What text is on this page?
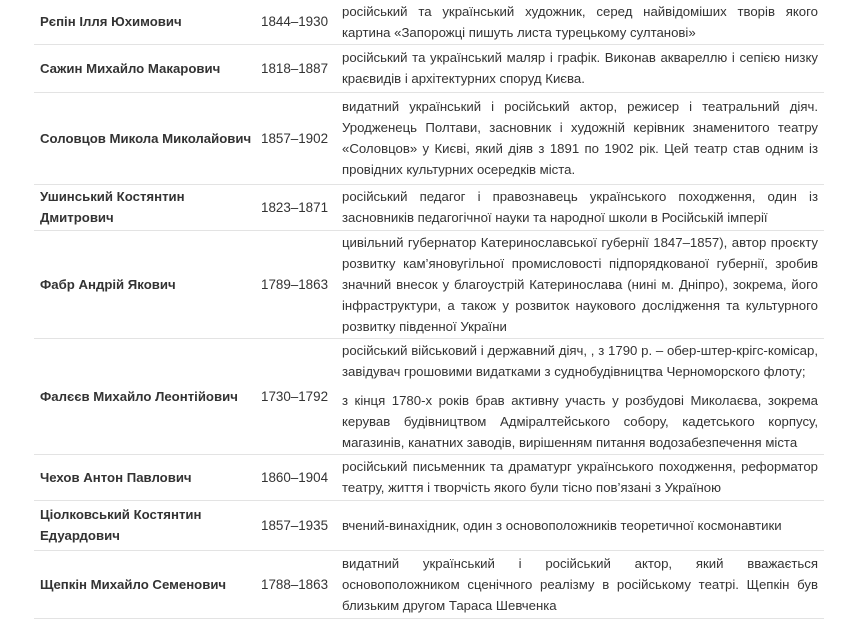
Рєпін Ілля Юхимович	1844–1930	російський та український художник, серед найвідоміших творів якого картина «Запорожці пишуть листа турецькому султанові»

Сажин Михайло Макарович	1818–1887	російський та український маляр і графік. Виконав аквареллю і сепією низку краєвидів і архітектурних споруд Києва.

Соловцов Микола Миколайович	1857–1902	видатний український і російський актор, режисер і театральний діяч. Уродженець Полтави, засновник і художній керівник знаменитого театру «Соловцов» у Києві, який діяв з 1891 по 1902 рік. Цей театр став одним із провідних культурних осередків міста.

Ушинський Костянтин Дмитрович	1823–1871	російський педагог і правознавець українського походження, один із засновників педагогічної науки та народної школи в Російській імперії

Фабр Андрій Якович	1789–1863	цивільний губернатор Катеринославської губернії 1847–1857), автор проєкту розвитку кам’яновугільної промисловості підпорядкованої губернії, зробив значний внесок у благоустрій Катеринослава (нині м. Дніпро), зокрема, його інфраструктури, а також у розвиток наукового дослідження та культурного розвитку південної України

Фалєєв Михайло Леонтійович	1730–1792	російський військовий і державний діяч, , з 1790 р. – обер-штер-крігс-комісар, завідувач грошовими видатками з суднобудівництва Черноморского флоту;
з кінця 1780-х років брав активну участь у розбудові Миколаєва, зокрема керував будівництвом Адміралтейського собору, кадетського корпусу, магазинів, канатних заводів, вирішенням питання водозабезпечення міста

Чехов Антон Павлович	1860–1904	російський письменник та драматург українського походження, реформатор театру, життя і творчість якого були тісно пов’язані з Україною

Ціолковський Костянтин Едуардович	1857–1935	вчений-винахідник, один з основоположників теоретичної космонавтики

Щепкін Михайло Семенович	1788–1863	видатний український і російський актор, який вважається основоположником сценічного реалізму в російському театрі. Щепкін був близьким другом Тараса Шевченка
